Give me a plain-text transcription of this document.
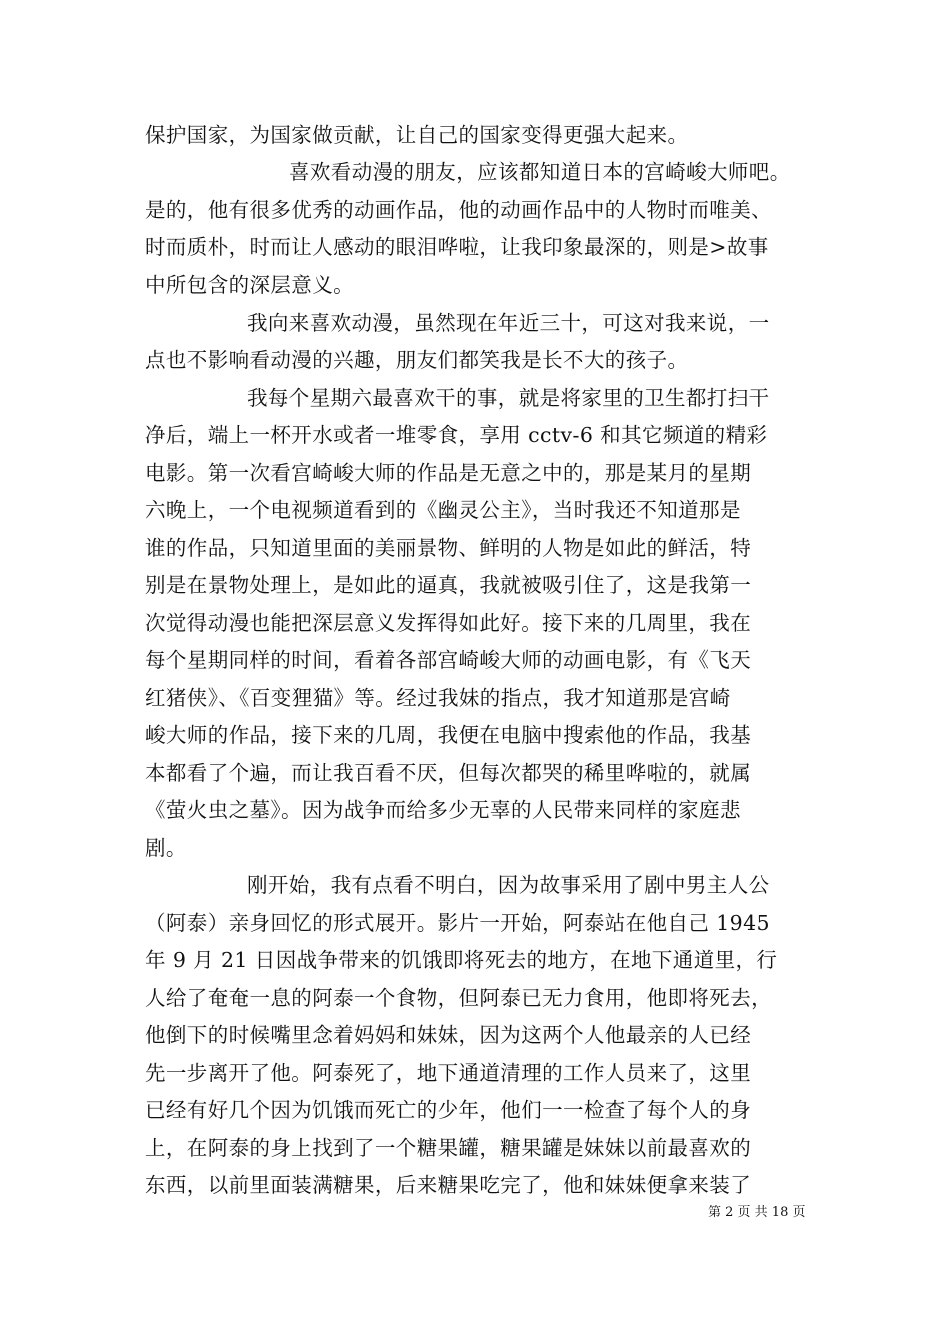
保护国家，为国家做贡献，让自己的国家变得更强大起来。
喜欢看动漫的朋友，应该都知道日本的宫崎峻大师吧。
是的，他有很多优秀的动画作品，他的动画作品中的人物时而唯美、
时而质朴，时而让人感动的眼泪哗啦，让我印象最深的，则是>故事
中所包含的深层意义。
我向来喜欢动漫，虽然现在年近三十，可这对我来说，一
点也不影响看动漫的兴趣，朋友们都笑我是长不大的孩子。
我每个星期六最喜欢干的事，就是将家里的卫生都打扫干
净后，端上一杯开水或者一堆零食，享用 cctv-6 和其它频道的精彩
电影。第一次看宫崎峻大师的作品是无意之中的，那是某月的星期
六晚上，一个电视频道看到的《幽灵公主》，当时我还不知道那是
谁的作品，只知道里面的美丽景物、鲜明的人物是如此的鲜活，特
别是在景物处理上，是如此的逼真，我就被吸引住了，这是我第一
次觉得动漫也能把深层意义发挥得如此好。接下来的几周里，我在
每个星期同样的时间，看着各部宫崎峻大师的动画电影，有《飞天
红猪侠》、《百变狸猫》等。经过我妹的指点，我才知道那是宫崎
峻大师的作品，接下来的几周，我便在电脑中搜索他的作品，我基
本都看了个遍，而让我百看不厌，但每次都哭的稀里哗啦的，就属
《萤火虫之墓》。因为战争而给多少无辜的人民带来同样的家庭悲
剧。
刚开始，我有点看不明白，因为故事采用了剧中男主人公
（阿泰）亲身回忆的形式展开。影片一开始，阿泰站在他自己 1945
年 9 月 21 日因战争带来的饥饿即将死去的地方，在地下通道里，行
人给了奄奄一息的阿泰一个食物，但阿泰已无力食用，他即将死去，
他倒下的时候嘴里念着妈妈和妹妹，因为这两个人他最亲的人已经
先一步离开了他。阿泰死了，地下通道清理的工作人员来了，这里
已经有好几个因为饥饿而死亡的少年，他们一一检查了每个人的身
上，在阿泰的身上找到了一个糖果罐，糖果罐是妹妹以前最喜欢的
东西，以前里面装满糖果，后来糖果吃完了，他和妹妹便拿来装了
第 2 页 共 18 页
